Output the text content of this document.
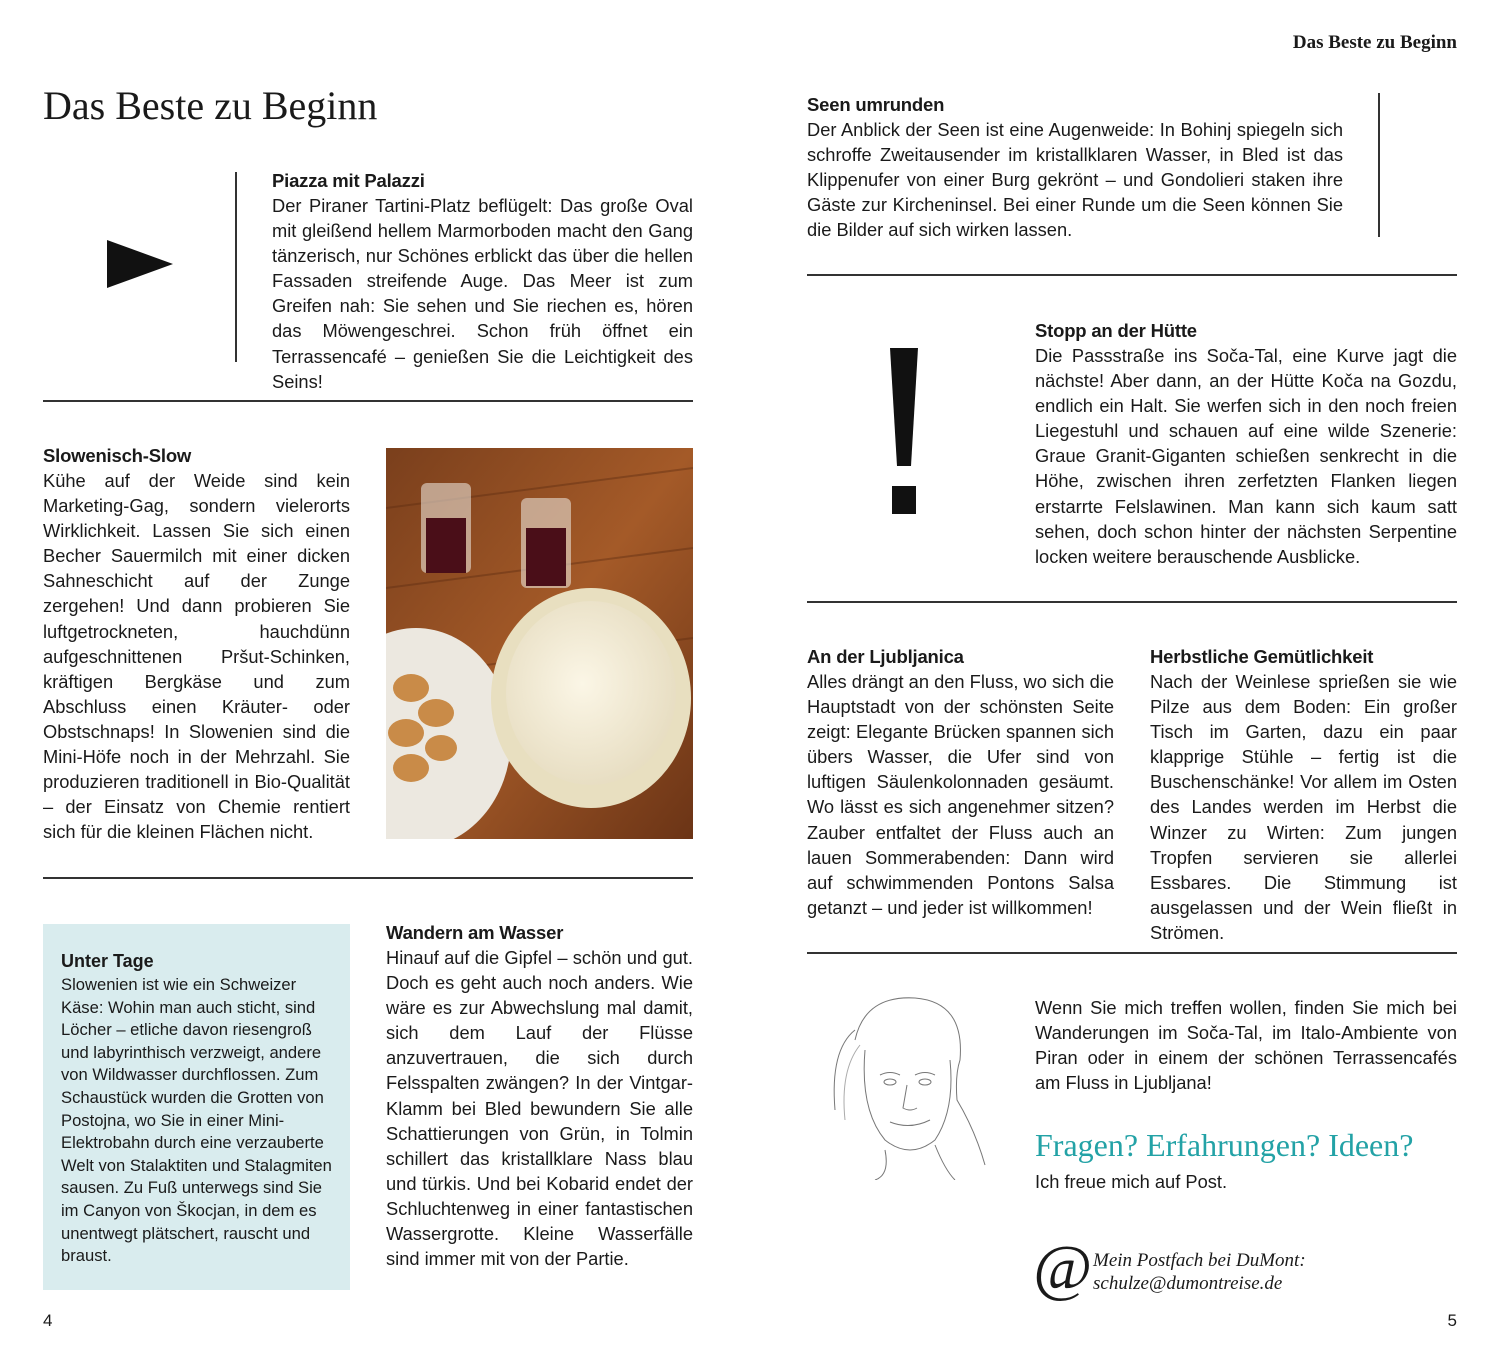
Das Beste zu Beginn
Das Beste zu Beginn
Piazza mit Palazzi

Der Piraner Tartini-Platz beflügelt: Das große Oval mit gleißend hellem Marmorboden macht den Gang tänzerisch, nur Schönes erblickt das über die hellen Fassaden streifende Auge. Das Meer ist zum Greifen nah: Sie sehen und Sie riechen es, hören das Möwengeschrei. Schon früh öffnet ein Terrassencafé – genießen Sie die Leichtigkeit des Seins!

Slowenisch-Slow

Kühe auf der Weide sind kein Marketing-Gag, sondern vielerorts Wirklichkeit. Lassen Sie sich einen Becher Sauermilch mit einer dicken Sahneschicht auf der Zunge zergehen! Und dann probieren Sie luftgetrockneten, hauchdünn aufgeschnittenen Pršut-Schinken, kräftigen Bergkäse und zum Abschluss einen Kräuter- oder Obstschnaps! In Slowenien sind die Mini-Höfe noch in der Mehrzahl. Sie produzieren traditionell in Bio-Qualität – der Einsatz von Chemie rentiert sich für die kleinen Flächen nicht.

Unter Tage

Slowenien ist wie ein Schweizer Käse: Wohin man auch sticht, sind Löcher – etliche davon riesengroß und labyrinthisch verzweigt, andere von Wildwasser durchflossen. Zum Schaustück wurden die Grotten von Postojna, wo Sie in einer Mini-Elektrobahn durch eine verzauberte Welt von Stalaktiten und Stalagmiten sausen. Zu Fuß unterwegs sind Sie im Canyon von Škocjan, in dem es unentwegt plätschert, rauscht und braust.

Wandern am Wasser

Hinauf auf die Gipfel – schön und gut. Doch es geht auch noch anders. Wie wäre es zur Abwechslung mal damit, sich dem Lauf der Flüsse anzuvertrauen, die sich durch Felsspalten zwängen? In der Vintgar-Klamm bei Bled bewundern Sie alle Schattierungen von Grün, in Tolmin schillert das kristallklare Nass blau und türkis. Und bei Kobarid endet der Schluchtenweg in einer fantastischen Wassergrotte. Kleine Wasserfälle sind immer mit von der Partie.

4
Seen umrunden

Der Anblick der Seen ist eine Augenweide: In Bohinj spiegeln sich schroffe Zweitausender im kristallklaren Wasser, in Bled ist das Klippenufer von einer Burg gekrönt – und Gondolieri staken ihre Gäste zur Kircheninsel. Bei einer Runde um die Seen können Sie die Bilder auf sich wirken lassen.

Stopp an der Hütte

Die Passstraße ins Soča-Tal, eine Kurve jagt die nächste! Aber dann, an der Hütte Koča na Gozdu, endlich ein Halt. Sie werfen sich in den noch freien Liegestuhl und schauen auf eine wilde Szenerie: Graue Granit-Giganten schießen senkrecht in die Höhe, zwischen ihren zerfetzten Flanken liegen erstarrte Felslawinen. Man kann sich kaum satt sehen, doch schon hinter der nächsten Serpentine locken weitere berauschende Ausblicke.

An der Ljubljanica

Alles drängt an den Fluss, wo sich die Hauptstadt von der schönsten Seite zeigt: Elegante Brücken spannen sich übers Wasser, die Ufer sind von luftigen Säulenkolonnaden gesäumt. Wo lässt es sich angenehmer sitzen? Zauber entfaltet der Fluss auch an lauen Sommerabenden: Dann wird auf schwimmenden Pontons Salsa getanzt – und jeder ist willkommen!

Herbstliche Gemütlichkeit

Nach der Weinlese sprießen sie wie Pilze aus dem Boden: Ein großer Tisch im Garten, dazu ein paar klapprige Stühle – fertig ist die Buschenschänke! Vor allem im Osten des Landes werden im Herbst die Winzer zu Wirten: Zum jungen Tropfen servieren sie allerlei Essbares. Die Stimmung ist ausgelassen und der Wein fließt in Strömen.

Wenn Sie mich treffen wollen, finden Sie mich bei Wanderungen im Soča-Tal, im Italo-Ambiente von Piran oder in einem der schönen Terrassencafés am Fluss in Ljubljana!
Fragen? Erfahrungen? Ideen?
Ich freue mich auf Post.
@ Mein Postfach bei DuMont:
schulze@dumontreise.de
5
